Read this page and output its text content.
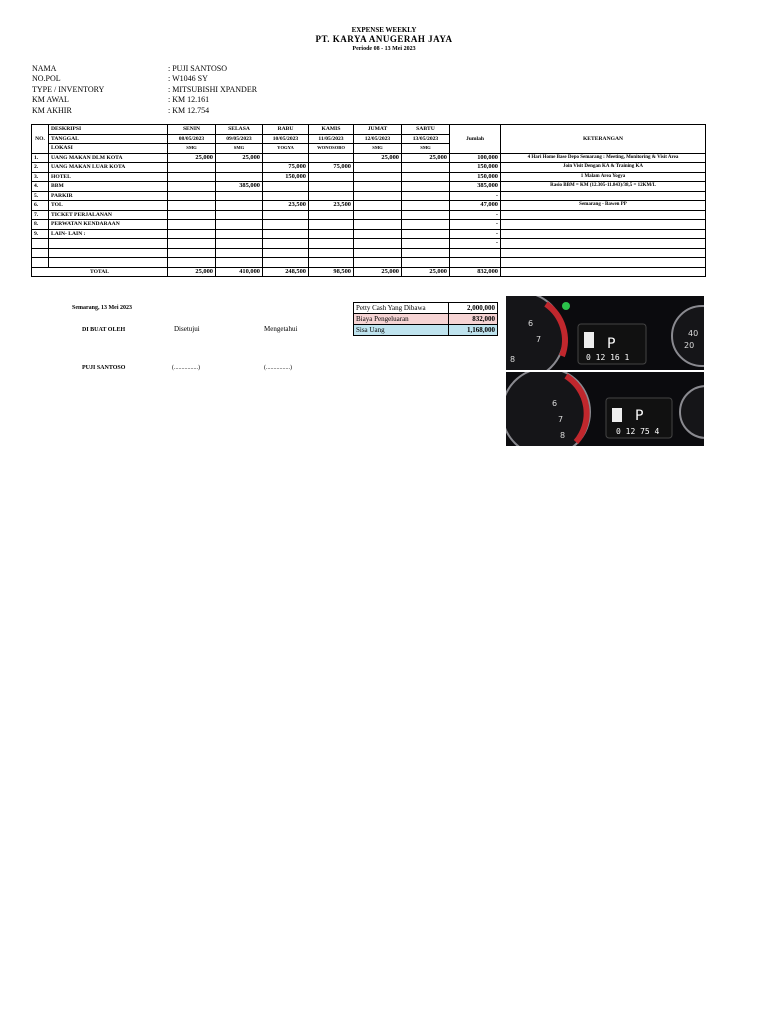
EXPENSE WEEKLY
PT. KARYA ANUGERAH JAYA
Periode 08 - 13 Mei 2023
NAMA	: PUJI SANTOSO
NO.POL	: W1046 SY
TYPE / INVENTORY	: MITSUBISHI XPANDER
KM AWAL	: KM 12.161
KM AKHIR	: KM 12.754
NO.	DESKRIPSI	SENIN	SELASA	RABU	KAMIS	JUMAT	SABTU	Jumlah	KETERANGAN
	TANGGAL	08/05/2023	09/05/2023	10/05/2023	11/05/2023	12/05/2023	13/05/2023		
	LOKASI	SMG	SMG	YOGYA	WONOSOBO	SMG	SMG		
1.	UANG MAKAN DLM KOTA	25,000	25,000			25,000	25,000	100,000	4 Hari Home Base Depo Semarang : Meeting, Monitoring & Visit Area
2.	UANG MAKAN LUAR KOTA			75,000	75,000			150,000	Join Visit Dengan KA & Training KA
3.	HOTEL			150,000				150,000	1 Malam Area Yogya
4.	BBM		385,000					385,000	Rasio BBM = KM (12.305-11.843)/38,5 = 12KM/L
5.	PARKIR							-	
6.	TOL			23,500	23,500			47,000	Semarang - Bawen PP
7.	TICKET PERJALANAN							-	
8.	PERWATAN KENDARAAN							-	
9.	LAIN- LAIN :							-	
								-	

TOTAL		25,000	410,000	248,500	98,500	25,000	25,000	832,000	
Semarang, 13 Mei 2023
DI BUAT OLEH	Disetujui	Mengetahui
PUJI SANTOSO	(................)	(................)
Petty Cash Yang Dibawa	2,000,000
Biaya Pengeluaran	832,000
Sisa Uang	1,168,000
6
7
8
P
0 12 16 1
20
40
6
7
8
P
0 12 75 4
